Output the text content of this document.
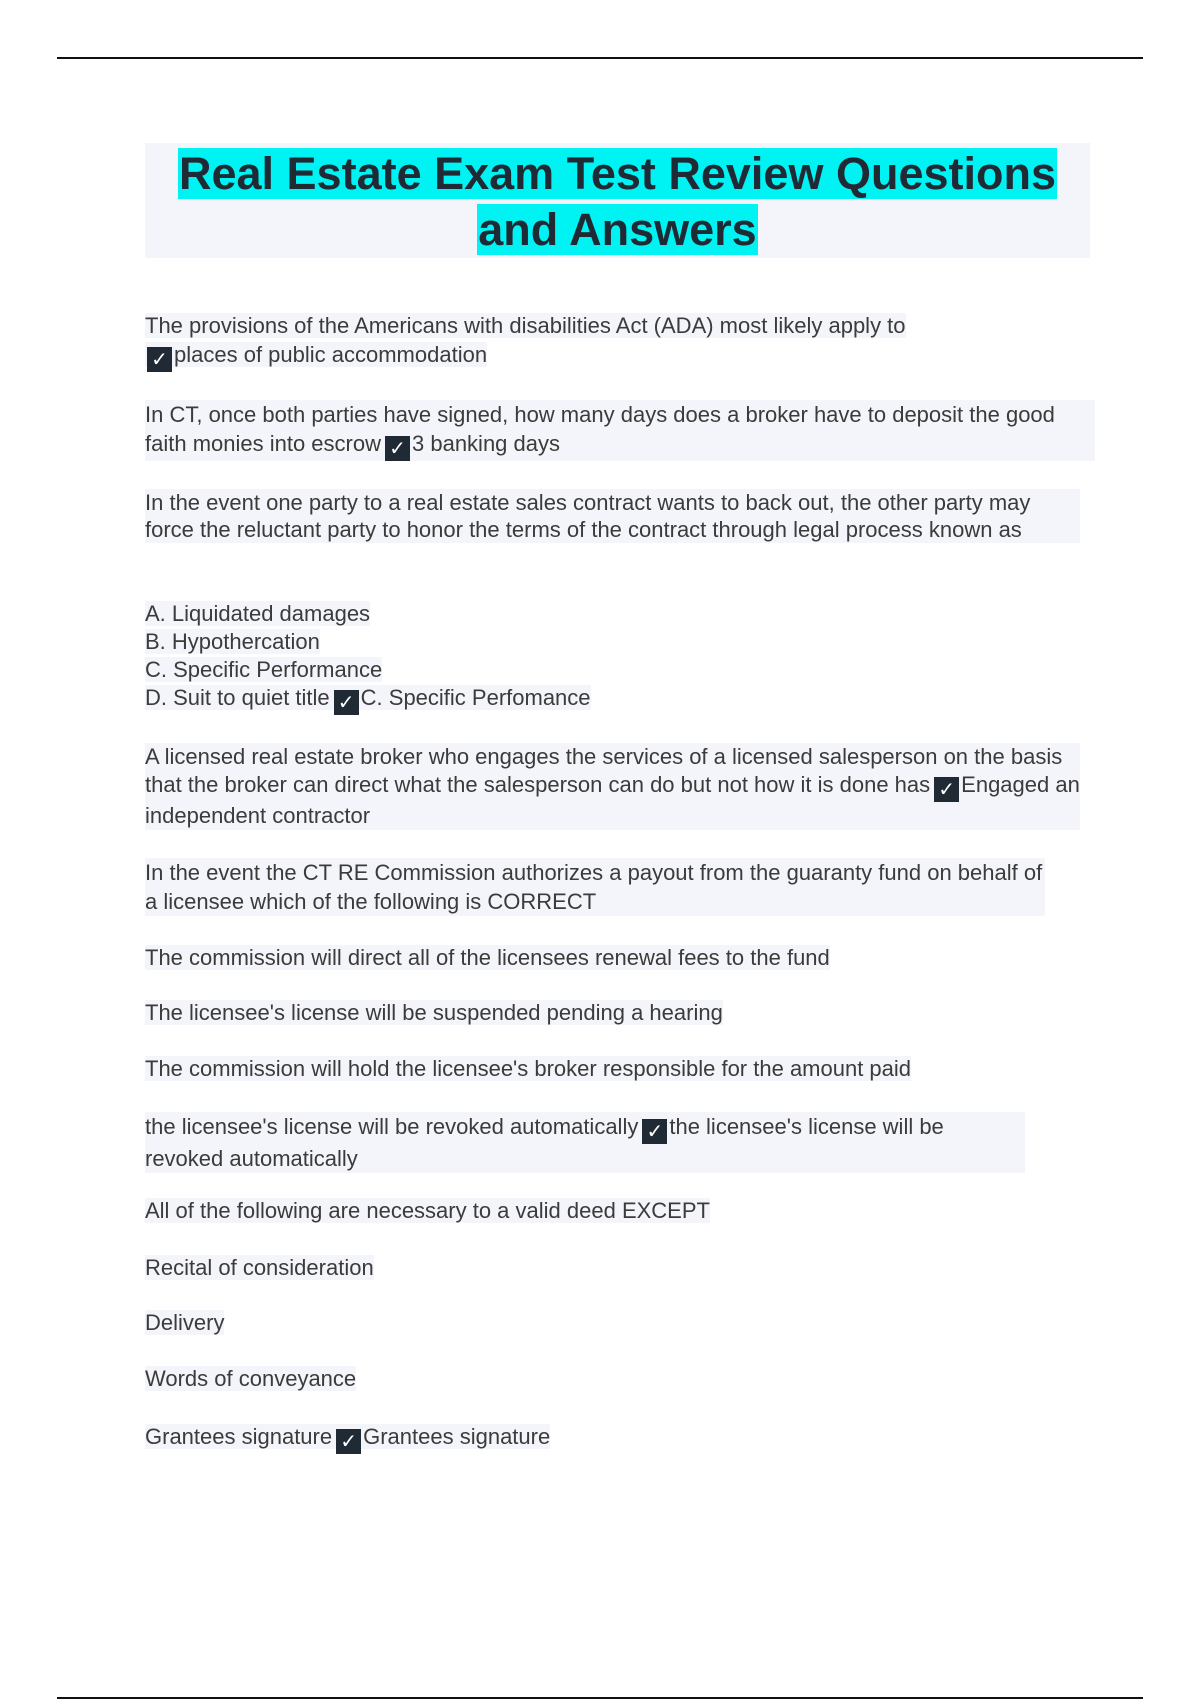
Real Estate Exam Test Review Questions
and Answers

The provisions of the Americans with disabilities Act (ADA) most likely apply to
✓ places of public accommodation

In CT, once both parties have signed, how many days does a broker have to deposit the good faith monies into escrow ✓ 3 banking days

In the event one party to a real estate sales contract wants to back out, the other party may force the reluctant party to honor the terms of the contract through legal process known as

A. Liquidated damages
B. Hypothercation
C. Specific Performance
D. Suit to quiet title ✓ C. Specific Perfomance

A licensed real estate broker who engages the services of a licensed salesperson on the basis that the broker can direct what the salesperson can do but not how it is done has ✓ Engaged an independent contractor

In the event the CT RE Commission authorizes a payout from the guaranty fund on behalf of a licensee which of the following is CORRECT

The commission will direct all of the licensees renewal fees to the fund
The licensee's license will be suspended pending a hearing
The commission will hold the licensee's broker responsible for the amount paid

the licensee's license will be revoked automatically ✓ the licensee's license will be revoked automatically

All of the following are necessary to a valid deed EXCEPT
Recital of consideration
Delivery
Words of conveyance
Grantees signature ✓ Grantees signature
